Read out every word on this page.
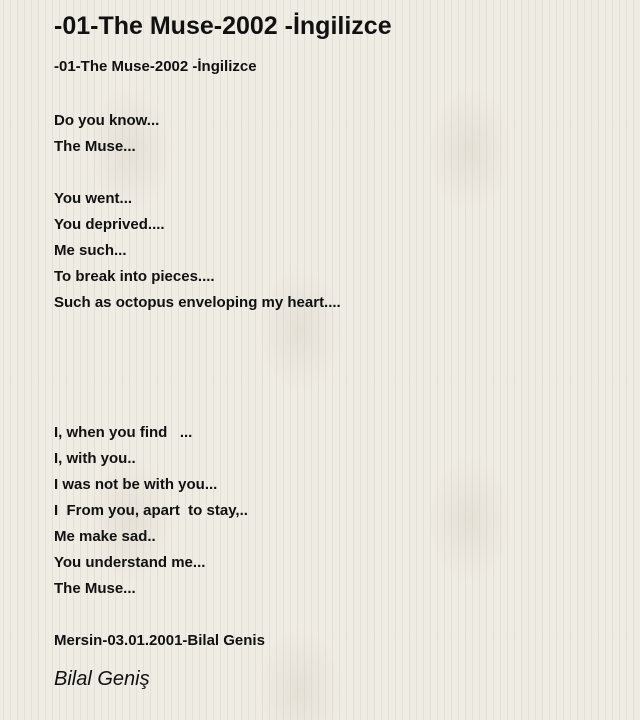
-01-The Muse-2002 -İngilizce
-01-The Muse-2002 -İngilizce
Do you know...
The Muse...
You went...
You deprived....
Me such...
To break into pieces....
Such as octopus enveloping my heart....
I, when you find   ...
I, with you..
I was not be with you...
I  From you, apart  to stay,..
Me make sad..
You understand me...
The Muse...
Mersin-03.01.2001-Bilal Genis
Bilal Geniş
